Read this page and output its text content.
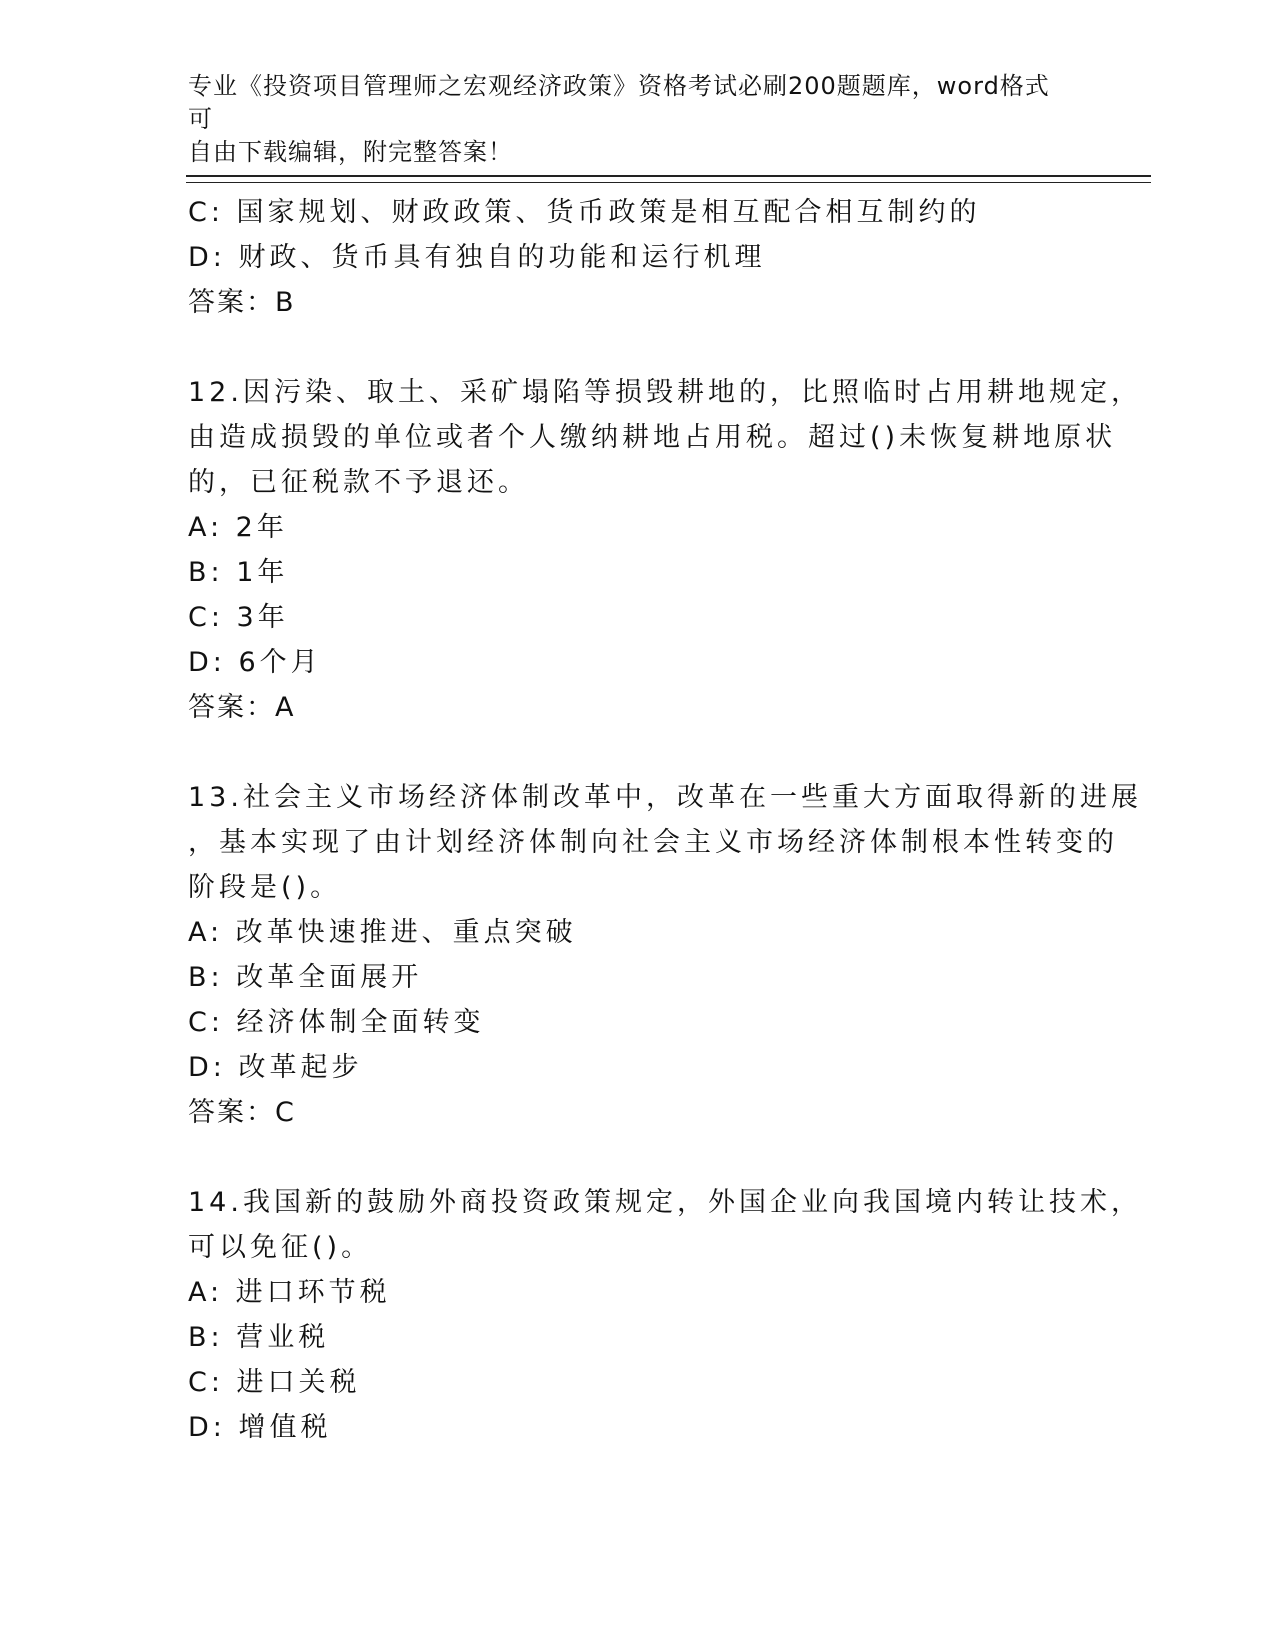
专业《投资项目管理师之宏观经济政策》资格考试必刷200题题库，word格式可
自由下载编辑，附完整答案！
C: 国家规划、财政政策、货币政策是相互配合相互制约的
D: 财政、货币具有独自的功能和运行机理
答案：B
12.因污染、取土、采矿塌陷等损毁耕地的，比照临时占用耕地规定，
由造成损毁的单位或者个人缴纳耕地占用税。超过()未恢复耕地原状
的，已征税款不予退还。
A: 2年
B: 1年
C: 3年
D: 6个月
答案：A
13.社会主义市场经济体制改革中，改革在一些重大方面取得新的进展
，基本实现了由计划经济体制向社会主义市场经济体制根本性转变的
阶段是()。
A: 改革快速推进、重点突破
B: 改革全面展开
C: 经济体制全面转变
D: 改革起步
答案：C
14.我国新的鼓励外商投资政策规定，外国企业向我国境内转让技术，
可以免征()。
A: 进口环节税
B: 营业税
C: 进口关税
D: 增值税
